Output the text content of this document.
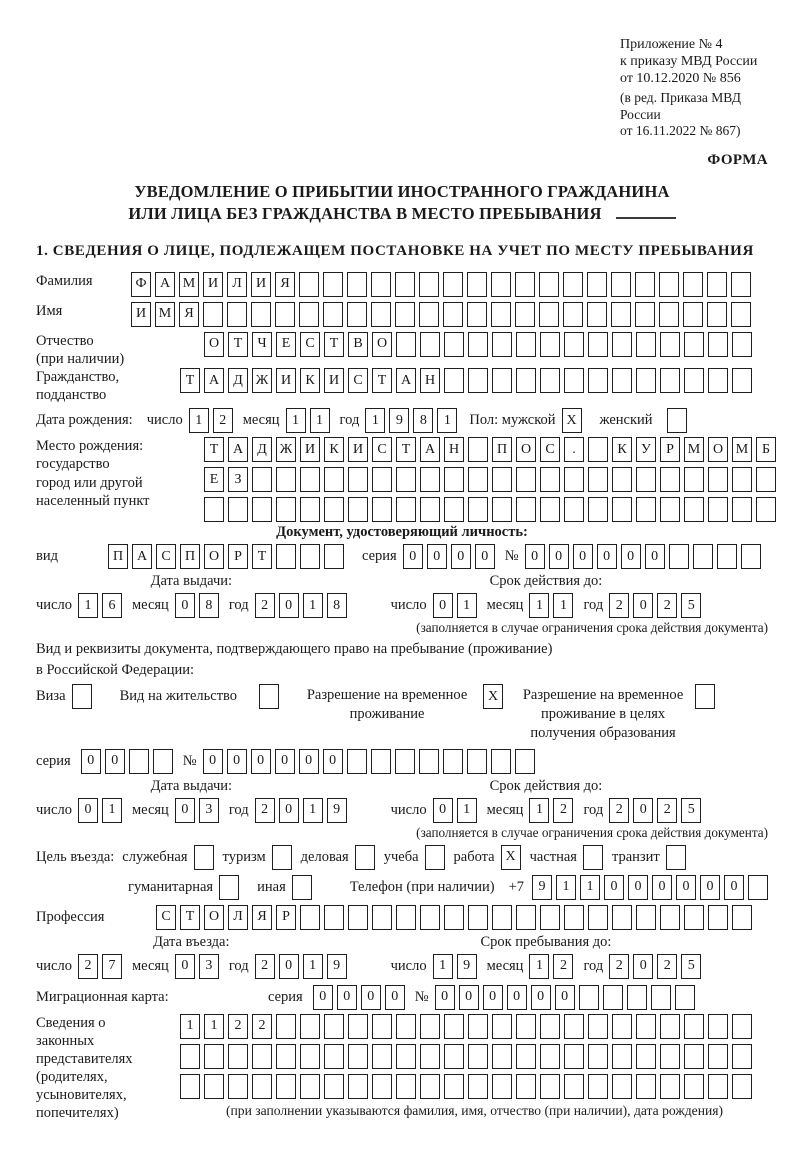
Приложение № 4
к приказу МВД России
от 10.12.2020 № 856
(в ред. Приказа МВД России
от 16.11.2022 № 867)
ФОРМА
УВЕДОМЛЕНИЕ О ПРИБЫТИИ ИНОСТРАННОГО ГРАЖДАНИНА
ИЛИ ЛИЦА БЕЗ ГРАЖДАНСТВА В МЕСТО ПРЕБЫВАНИЯ
1. СВЕДЕНИЯ О ЛИЦЕ, ПОДЛЕЖАЩЕМ ПОСТАНОВКЕ НА УЧЕТ ПО МЕСТУ ПРЕБЫВАНИЯ
Фамилия	Ф А М И	Л	И	Я
Имя	И М Я
Отчество
(при наличии)
О	Т	Ч	Е	С	Т	В	О
Гражданство,
подданство
Т	А	Д Ж И	К	И	С	Т	А Н
Дата рождения: число 1	2	месяц 1	1	год 1	9	8	1	Пол: мужской X	женский
Место рождения:
государство
город или другой
населенный пункт
Т	А	Д Ж И	К	И	С	Т	А Н	П О	С	.	К	У	Р М О М Б
Е	З
Документ, удостоверяющий личность:
вид	П А	С	П О	Р	Т	серия 0	0	0	0	№ 0	0	0	0	0	0
Дата выдачи:
число 1	6	месяц 0	8	год 2	0	1	8
Срок действия до:
число 0	1	месяц 1	1	год 2	0	2	5
(заполняется в случае ограничения срока действия документа)
Вид и реквизиты документа, подтверждающего право на пребывание (проживание)
в Российской Федерации:
Виза	Вид на жительство	Разрешение на временное проживание
X	Разрешение на временное проживание в целях получения образования
серия	0	0	№ 0	0	0	0	0	0
Дата выдачи:
число 0	1	месяц 0	3	год 2	0	1	9
Срок действия до:
число 0	1	месяц 1	2	год 2	0	2	5
(заполняется в случае ограничения срока действия документа)
Цель въезда: служебная туризм деловая учеба работа X частная транзит
гуманитарная	иная	Телефон (при наличии) +7	9	1	1	0	0	0	0	0	0
Профессия	С	Т	О	Л	Я	Р
Дата въезда:
число 2	7	месяц 0	3	год 2	0	1	9
Срок пребывания до:
число 1	9	месяц 1	2	год 2	0	2	5
Миграционная карта:	серия	0	0	0	0	№ 0	0	0	0	0	0
Сведения о
законных
представителях
(родителях,
усыновителях,
попечителях)
1	1	2	2
(при заполнении указываются фамилия, имя, отчество (при наличии), дата рождения)
